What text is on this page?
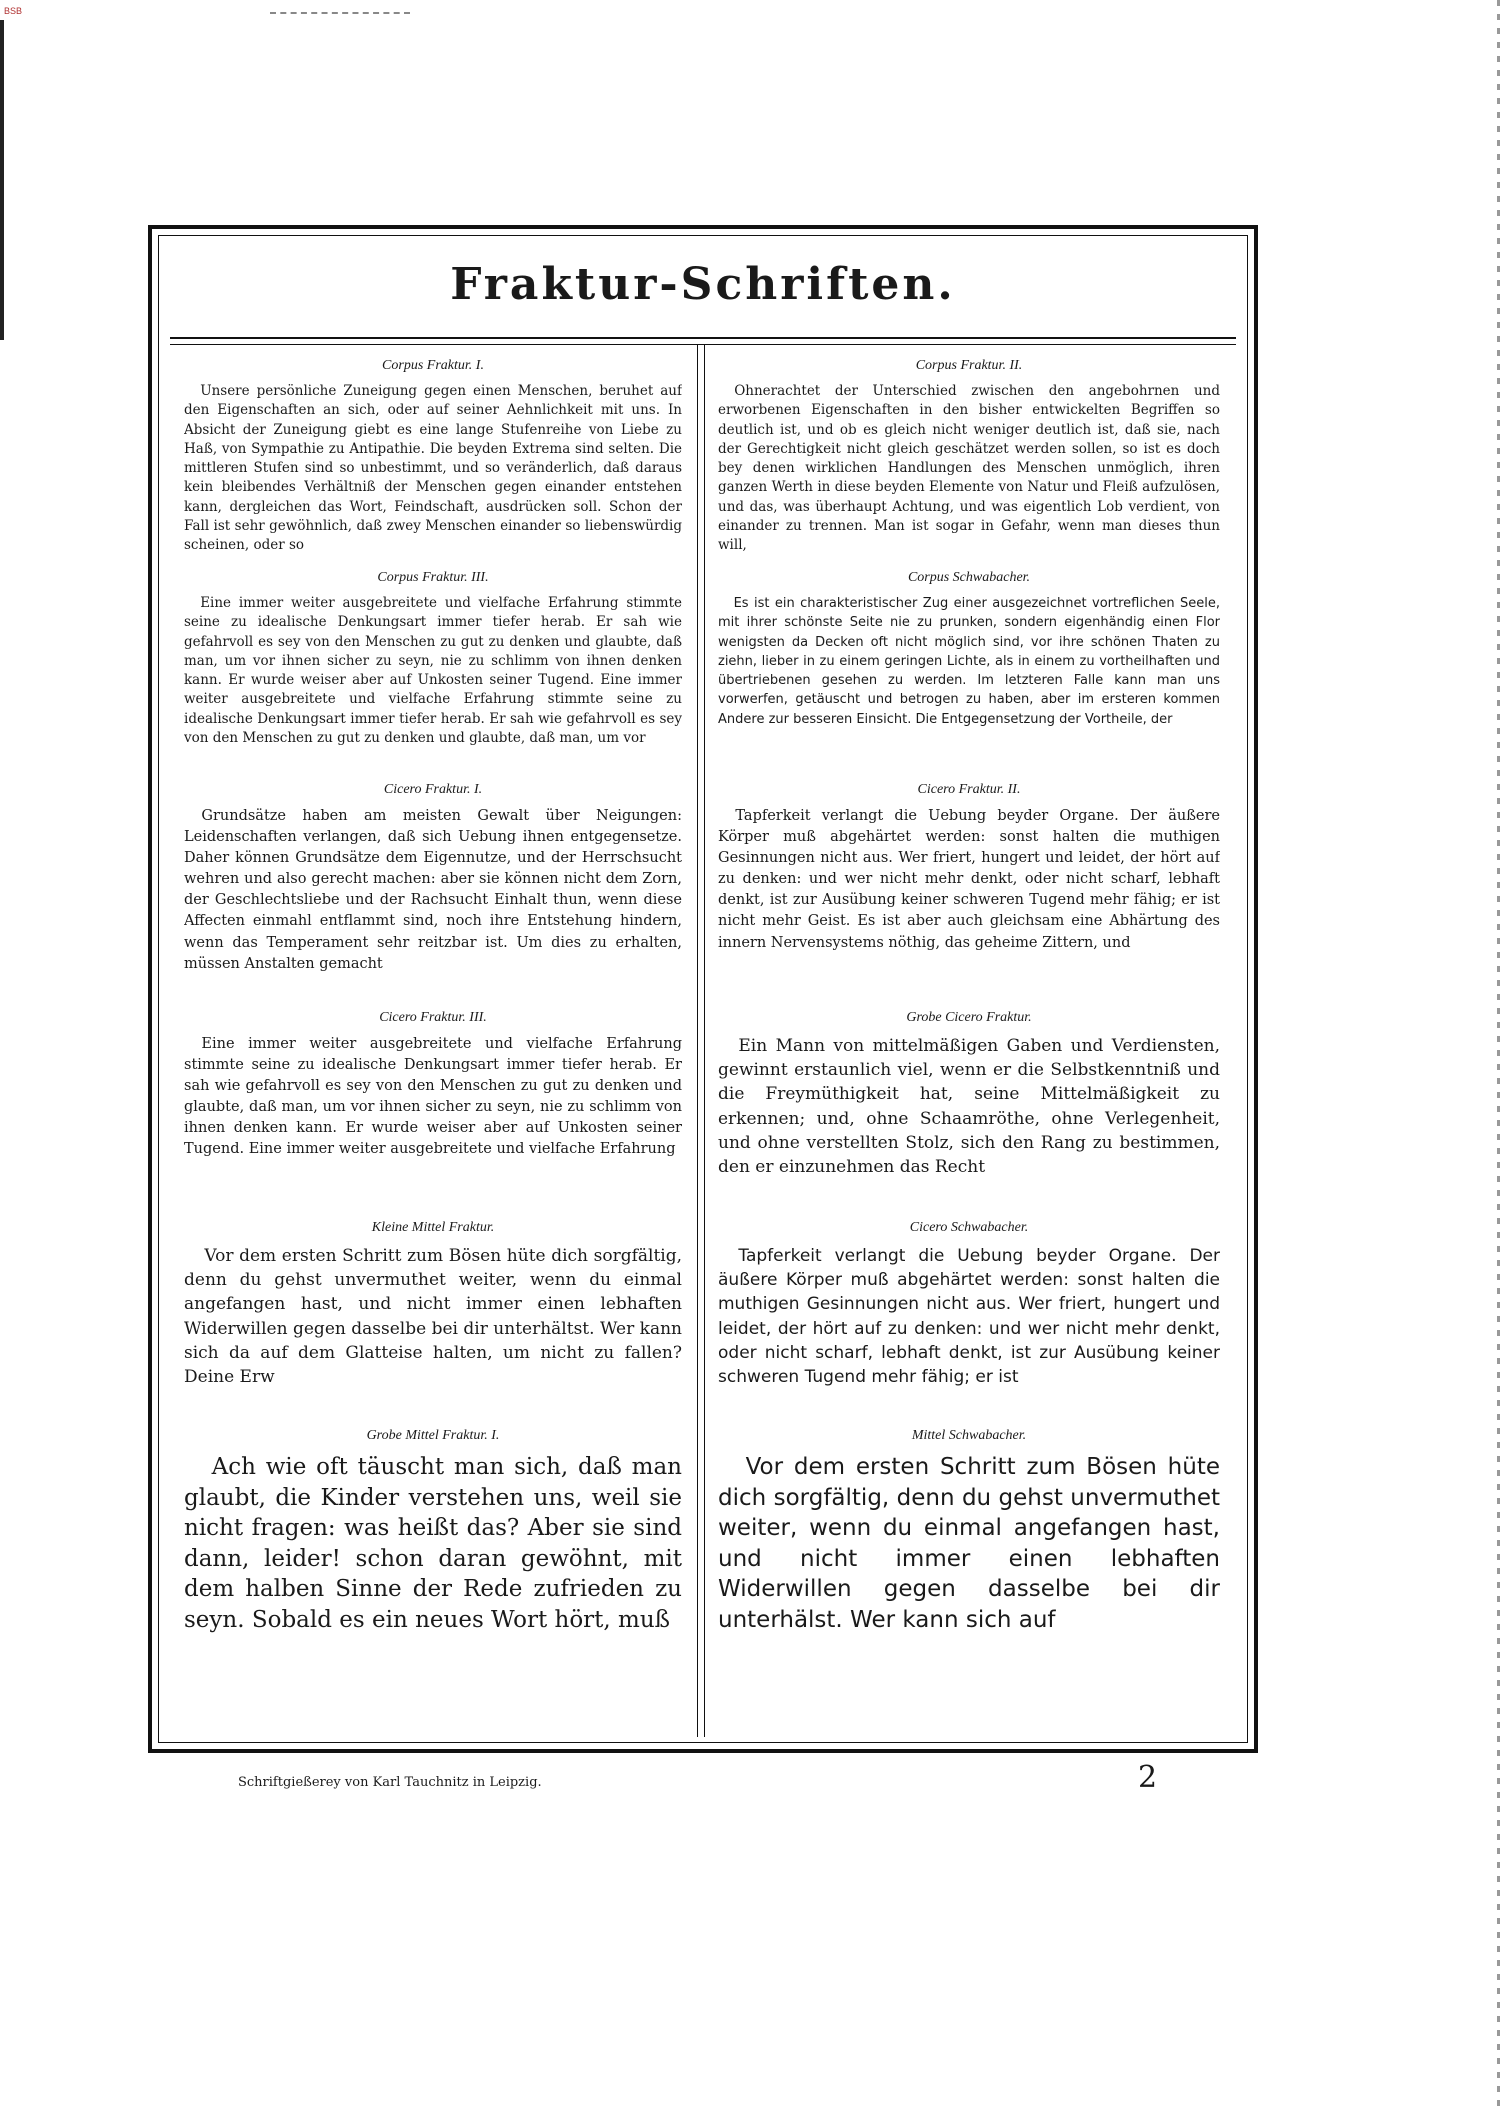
BSB
Fraktur-Schriften.
Corpus Fraktur. I.
Unsere persönliche Zuneigung gegen einen Menschen, beruhet auf den Eigenschaften an sich, oder auf seiner Aehnlichkeit mit uns. In Absicht der Zuneigung giebt es eine lange Stufenreihe von Liebe zu Haß, von Sympathie zu Antipathie. Die beyden Extrema sind selten. Die mittleren Stufen sind so unbestimmt, und so veränderlich, daß daraus kein bleibendes Verhältniß der Menschen gegen einander entstehen kann, dergleichen das Wort, Feindschaft, ausdrücken soll. Schon der Fall ist sehr gewöhnlich, daß zwey Menschen einander so liebenswürdig scheinen, oder so
Corpus Fraktur. III.
Eine immer weiter ausgebreitete und vielfache Erfahrung stimmte seine zu idealische Denkungsart immer tiefer herab. Er sah wie gefahrvoll es sey von den Menschen zu gut zu denken und glaubte, daß man, um vor ihnen sicher zu seyn, nie zu schlimm von ihnen denken kann. Er wurde weiser aber auf Unkosten seiner Tugend. Eine immer weiter ausgebreitete und vielfache Erfahrung stimmte seine zu idealische Denkungsart immer tiefer herab. Er sah wie gefahrvoll es sey von den Menschen zu gut zu denken und glaubte, daß man, um vor
Cicero Fraktur. I.
Grundsätze haben am meisten Gewalt über Neigungen: Leidenschaften verlangen, daß sich Uebung ihnen entgegensetze. Daher können Grundsätze dem Eigennutze, und der Herrschsucht wehren und also gerecht machen: aber sie können nicht dem Zorn, der Geschlechtsliebe und der Rachsucht Einhalt thun, wenn diese Affecten einmahl entflammt sind, noch ihre Entstehung hindern, wenn das Temperament sehr reitzbar ist. Um dies zu erhalten, müssen Anstalten gemacht
Cicero Fraktur. III.
Eine immer weiter ausgebreitete und vielfache Erfahrung stimmte seine zu idealische Denkungsart immer tiefer herab. Er sah wie gefahrvoll es sey von den Menschen zu gut zu denken und glaubte, daß man, um vor ihnen sicher zu seyn, nie zu schlimm von ihnen denken kann. Er wurde weiser aber auf Unkosten seiner Tugend. Eine immer weiter ausgebreitete und vielfache Erfahrung
Kleine Mittel Fraktur.
Vor dem ersten Schritt zum Bösen hüte dich sorgfältig, denn du gehst unvermuthet weiter, wenn du einmal angefangen hast, und nicht immer einen lebhaften Widerwillen gegen dasselbe bei dir unterhältst. Wer kann sich da auf dem Glatteise halten, um nicht zu fallen? Deine Erw
Grobe Mittel Fraktur. I.
Ach wie oft täuscht man sich, daß man glaubt, die Kinder verstehen uns, weil sie nicht fragen: was heißt das? Aber sie sind dann, leider! schon daran gewöhnt, mit dem halben Sinne der Rede zufrieden zu seyn. Sobald es ein neues Wort hört, muß
Corpus Fraktur. II.
Ohnerachtet der Unterschied zwischen den angebohrnen und erworbenen Eigenschaften in den bisher entwickelten Begriffen so deutlich ist, und ob es gleich nicht weniger deutlich ist, daß sie, nach der Gerechtigkeit nicht gleich geschätzet werden sollen, so ist es doch bey denen wirklichen Handlungen des Menschen unmöglich, ihren ganzen Werth in diese beyden Elemente von Natur und Fleiß aufzulösen, und das, was überhaupt Achtung, und was eigentlich Lob verdient, von einander zu trennen. Man ist sogar in Gefahr, wenn man dieses thun will,
Corpus Schwabacher.
Es ist ein charakteristischer Zug einer ausgezeichnet vortreflichen Seele, mit ihrer schönste Seite nie zu prunken, sondern eigenhändig einen Flor wenigsten da Decken oft nicht möglich sind, vor ihre schönen Thaten zu ziehn, lieber in zu einem geringen Lichte, als in einem zu vortheilhaften und übertriebenen gesehen zu werden. Im letzteren Falle kann man uns vorwerfen, getäuscht und betrogen zu haben, aber im ersteren kommen Andere zur besseren Einsicht. Die Entgegensetzung der Vortheile, der
Cicero Fraktur. II.
Tapferkeit verlangt die Uebung beyder Organe. Der äußere Körper muß abgehärtet werden: sonst halten die muthigen Gesinnungen nicht aus. Wer friert, hungert und leidet, der hört auf zu denken: und wer nicht mehr denkt, oder nicht scharf, lebhaft denkt, ist zur Ausübung keiner schweren Tugend mehr fähig; er ist nicht mehr Geist. Es ist aber auch gleichsam eine Abhärtung des innern Nervensystems nöthig, das geheime Zittern, und
Grobe Cicero Fraktur.
Ein Mann von mittelmäßigen Gaben und Verdiensten, gewinnt erstaunlich viel, wenn er die Selbstkenntniß und die Freymüthigkeit hat, seine Mittelmäßigkeit zu erkennen; und, ohne Schaamröthe, ohne Verlegenheit, und ohne verstellten Stolz, sich den Rang zu bestimmen, den er einzunehmen das Recht
Cicero Schwabacher.
Tapferkeit verlangt die Uebung beyder Organe. Der äußere Körper muß abgehärtet werden: sonst halten die muthigen Gesinnungen nicht aus. Wer friert, hungert und leidet, der hört auf zu denken: und wer nicht mehr denkt, oder nicht scharf, lebhaft denkt, ist zur Ausübung keiner schweren Tugend mehr fähig; er ist
Mittel Schwabacher.
Vor dem ersten Schritt zum Bösen hüte dich sorgfältig, denn du gehst unvermuthet weiter, wenn du einmal angefangen hast, und nicht immer einen lebhaften Widerwillen gegen dasselbe bei dir unterhälst. Wer kann sich auf
Schriftgießerey von Karl Tauchnitz in Leipzig.	2
